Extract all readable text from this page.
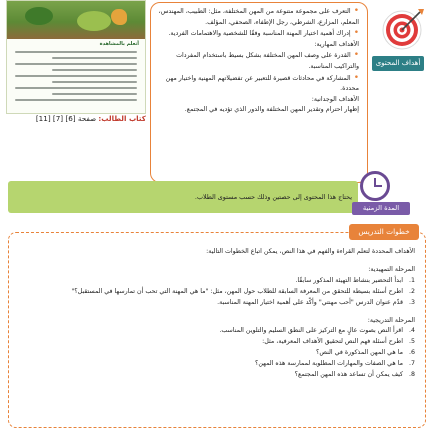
أتعلم بالمشاهدة
كتاب الطالب: صفحة [6] [7] [11]
• التعرف على مجموعة متنوعة من المهن المختلفة، مثل: الطبيب، المهندس، المعلم، المزارع، الشرطي، رجل الإطفاء، الصحفي، المؤلف.
• إدراك أهمية اختيار المهنة المناسبة وفقًا للشخصية والاهتمامات الفردية.
الأهداف المهارية:
• القدرة على وصف المهن المختلفة بشكل بسيط باستخدام المفردات والتراكيب المناسبة.
• المشاركة في محادثات قصيرة للتعبير عن تفضيلاتهم المهنية واختيار مهن محددة.
الأهداف الوجدانية:
إظهار احترام وتقدير المهن المختلفة والدور الذي تؤديه في المجتمع.
أهداف المحتوى
يحتاج هذا المحتوى إلى حصتين وذلك حسب مستوى الطلاب.
المدة الزمنية
خطوات التدريس
الأهداف المحددة لتعلم القراءة والفهم في هذا النص، يمكن اتباع الخطوات التالية:
المرحلة التمهيدية:
1.
ابدأ التحضير بنشاط التهيئة المذكور سابقًا.
2.
اطرح أسئلة بسيطة للتحقق من المعرفة السابقة للطلاب حول المهن، مثل: "ما هي المهنة التي تحب أن تمارسها في المستقبل؟"
3.
قدّم عنوان الدرس "أحب مهنتي" وأكّد على أهمية اختيار المهنة المناسبة.
المرحلة التدريجية:
4.
اقرأ النص بصوت عالٍ مع التركيز على النطق السليم والتلوين المناسب.
5.
اطرح أسئلة فهم النص لتحقيق الأهداف المعرفية، مثل:
6.
ما هي المهن المذكورة في النص؟
7.
ما هي الصفات والمهارات المطلوبة لممارسة هذه المهن؟
8.
كيف يمكن أن تساعد هذه المهن المجتمع؟
